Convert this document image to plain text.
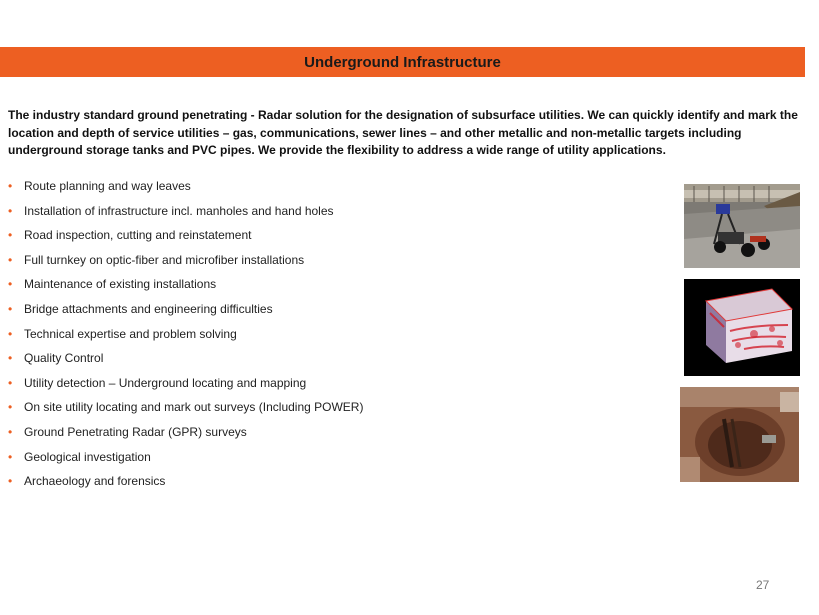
Underground Infrastructure

The industry standard ground penetrating - Radar solution for the designation of subsurface utilities. We can quickly identify and mark the location and depth of service utilities – gas, communications, sewer lines – and other metallic and non-metallic targets including underground storage tanks and PVC pipes. We provide the flexibility to address a wide range of utility applications.

• Route planning and way leaves
• Installation of infrastructure incl. manholes and hand holes
• Road inspection, cutting and reinstatement
• Full turnkey on optic-fiber and microfiber installations
• Maintenance of existing installations
• Bridge attachments and engineering difficulties
• Technical expertise and problem solving
• Quality Control
• Utility detection – Underground locating and mapping
• On site utility locating and mark out surveys (Including POWER)
• Ground Penetrating Radar (GPR) surveys
• Geological investigation
• Archaeology and forensics
27
